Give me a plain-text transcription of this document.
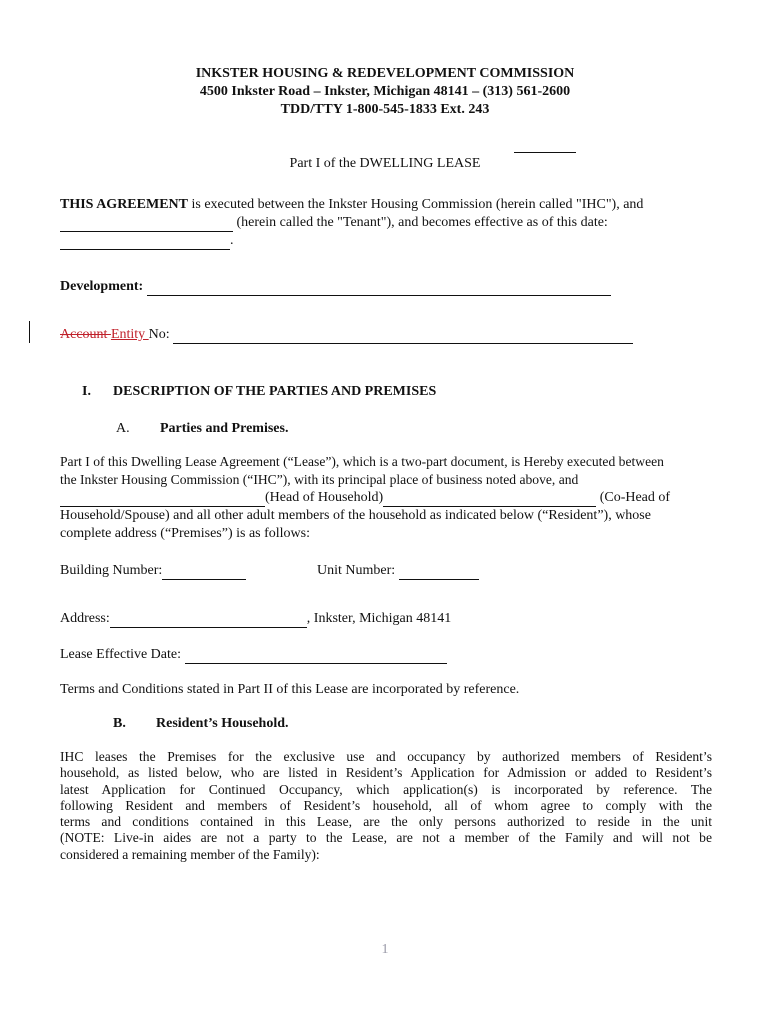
INKSTER HOUSING & REDEVELOPMENT COMMISSION
4500 Inkster Road – Inkster, Michigan 48141 – (313) 561-2600
TDD/TTY 1-800-545-1833 Ext. 243
Part I of the DWELLING LEASE
THIS AGREEMENT is executed between the Inkster Housing Commission (herein called "IHC"), and
(herein called the "Tenant"), and becomes effective as of this date:
.
Development:
Account Entity No:
I. DESCRIPTION OF THE PARTIES AND PREMISES
A. Parties and Premises.
Part I of this Dwelling Lease Agreement (“Lease”), which is a two-part document, is Hereby executed between
the Inkster Housing Commission (“IHC”), with its principal place of business noted above, and
(Head of Household)	(Co-Head of
Household/Spouse) and all other adult members of the household as indicated below (“Resident”), whose
complete address (“Premises”) is as follows:
Building Number:	Unit Number:
Address:	, Inkster, Michigan 48141
Lease Effective Date:
Terms and Conditions stated in Part II of this Lease are incorporated by reference.
B. Resident’s Household.
IHC leases the Premises for the exclusive use and occupancy by authorized members of Resident’s
household, as listed below, who are listed in Resident’s Application for Admission or added to Resident’s
latest Application for Continued Occupancy, which application(s) is incorporated by reference. The
following Resident and members of Resident’s household, all of whom agree to comply with the
terms and conditions contained in this Lease, are the only persons authorized to reside in the unit
(NOTE: Live-in aides are not a party to the Lease, are not a member of the Family and will not be
considered a remaining member of the Family):
1
